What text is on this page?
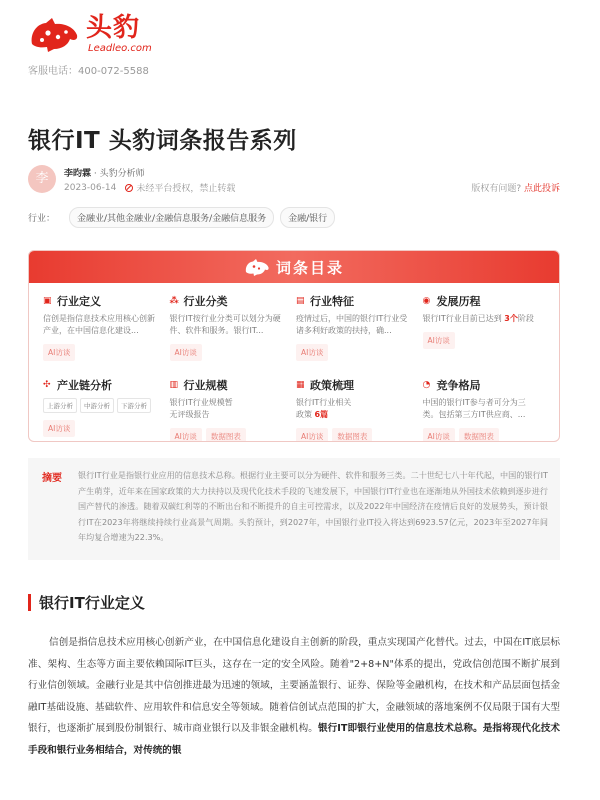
头豹
Leadleo.com
客服电话：400-072-5588
银行IT 头豹词条报告系列
李	李昀霖 · 头豹分析师
2023-06-14 未经平台授权，禁止转载	版权有问题? 点此投诉
行业：	金融业/其他金融业/金融信息服务/金融信息服务	金融/银行
词条目录
▣ 行业定义
信创是指信息技术应用核心创新产业，在中国信息化建设...
AI访谈
⁂ 行业分类
银行IT按行业分类可以划分为硬件、软件和服务。银行IT...
AI访谈
▤ 行业特征
疫情过后，中国的银行IT行业受诸多利好政策的扶持，确...
AI访谈
◉ 发展历程
银行IT行业目前已达到 3个阶段
AI访谈
✣ 产业链分析
上游分析	中游分析	下游分析
AI访谈
▥ 行业规模
银行IT行业规模暂无评级报告
AI访谈	数据图表
▦ 政策梳理
银行IT行业相关政策 6篇
AI访谈	数据图表
◔ 竞争格局
中国的银行IT参与者可分为三类。包括第三方IT供应商、...
AI访谈	数据图表
摘要 银行IT行业是指银行业应用的信息技术总称。根据行业主要可以分为硬件、软件和服务三类。二十世纪七八十年代起，中国的银行IT产生萌芽，近年来在国家政策的大力扶持以及现代化技术手段的飞速发展下，中国银行IT行业也在逐渐地从外国技术依赖到逐步进行国产替代的渗透。随着双碳红利等的不断出台和不断提升的自主可控需求，以及2022年中国经济在疫情后良好的发展势头，预计银行IT在2023年将继续持续行业高景气周期。头豹预计，到2027年，中国银行业IT投入将达到6923.57亿元，2023年至2027年间年均复合增速为22.3%。

银行IT行业定义

信创是指信息技术应用核心创新产业，在中国信息化建设自主创新的阶段，重点实现国产化替代。过去，中国在IT底层标准、架构、生态等方面主要依赖国际IT巨头，这存在一定的安全风险。随着"2+8+N"体系的提出，党政信创范围不断扩展到行业信创领域。金融行业是其中信创推进最为迅速的领域，主要涵盖银行、证券、保险等金融机构，在技术和产品层面包括金融IT基础设施、基础软件、应用软件和信息安全等领域。随着信创试点范围的扩大，金融领域的落地案例不仅局限于国有大型银行，也逐渐扩展到股份制银行、城市商业银行以及非银金融机构。银行IT即银行业使用的信息技术总称。是指将现代化技术手段和银行业务相结合，对传统的银
